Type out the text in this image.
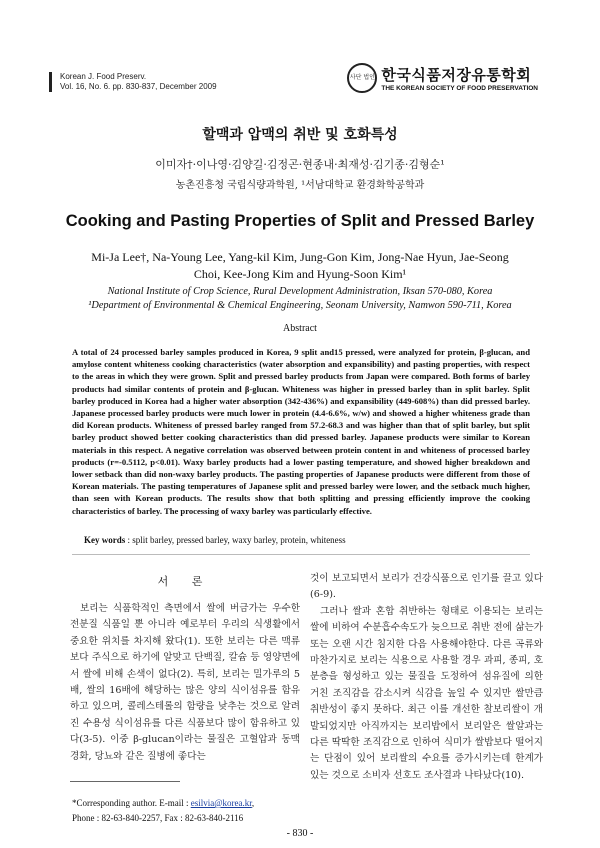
Korean J. Food Preserv.
Vol. 16, No. 6. pp. 830-837, December 2009
사단 법인 한국식품저장유통학회
THE KOREAN SOCIETY OF FOOD PRESERVATION
할맥과 압맥의 취반 및 호화특성
이미자†·이나영·김양길·김정곤·현종내·최재성·김기종·김형순¹
농촌진흥청 국립식량과학원, ¹서남대학교 환경화학공학과
Cooking and Pasting Properties of Split and Pressed Barley
Mi-Ja Lee†, Na-Young Lee, Yang-kil Kim, Jung-Gon Kim, Jong-Nae Hyun, Jae-Seong Choi, Kee-Jong Kim and Hyung-Soon Kim¹
National Institute of Crop Science, Rural Development Administration, Iksan 570-080, Korea
¹Department of Environmental & Chemical Engineering, Seonam University, Namwon 590-711, Korea
Abstract
A total of 24 processed barley samples produced in Korea, 9 split and15 pressed, were analyzed for protein, β-glucan, and amylose content whiteness cooking characteristics (water absorption and expansibility) and pasting properties, with respect to the areas in which they were grown. Split and pressed barley products from Japan were compared. Both forms of barley products had similar contents of protein and β-glucan. Whiteness was higher in pressed barley than in split barley. Split barley produced in Korea had a higher water absorption (342-436%) and expansibility (449-608%) than did pressed barley. Japanese processed barley products were much lower in protein (4.4-6.6%, w/w) and showed a higher whiteness grade than did Korean products. Whiteness of pressed barley ranged from 57.2-68.3 and was higher than that of split barley, but split barley product showed better cooking characteristics than did pressed barley. Japanese products were similar to Korean materials in this respect. A negative correlation was observed between protein content in and whiteness of processed barley products (r=-0.5112, p<0.01). Waxy barley products had a lower pasting temperature, and showed higher breakdown and lower setback than did non-waxy barley products. The pasting properties of Japanese products were different from those of Korean materials. The pasting temperatures of Japanese split and pressed barley were lower, and the setback much higher, than seen with Korean products. The results show that both splitting and pressing efficiently improve the cooking characteristics of barley. The processing of waxy barley was particularly effective.
Key words : split barley, pressed barley, waxy barley, protein, whiteness
서 론
보리는 식품학적인 측면에서 쌀에 버금가는 우수한 전분질 식품일 뿐 아니라 예로부터 우리의 식생활에서 중요한 위치를 차지해 왔다(1). 또한 보리는 다른 맥류보다 주식으로 하기에 알맞고 단백질, 칼슘 등 영양면에서 쌀에 비해 손색이 없다(2). 특히, 보리는 밀가루의 5배, 쌀의 16배에 해당하는 많은 양의 식이섬유를 함유하고 있으며, 콜레스테롤의 함량을 낮추는 것으로 알려진 수용성 식이섬유를 다른 식품보다 많이 함유하고 있다(3-5). 이중 β-glucan이라는 물질은 고혈압과 동맥경화, 당뇨와 같은 질병에 좋다는
것이 보고되면서 보리가 건강식품으로 인기를 끌고 있다(6-9).
그러나 쌀과 혼합 취반하는 형태로 이용되는 보리는 쌀에 비하여 수분흡수속도가 늦으므로 취반 전에 삶는가 또는 오랜 시간 침지한 다음 사용해야한다. 다른 곡류와 마찬가지로 보리는 식용으로 사용할 경우 과피, 종피, 호분층을 형성하고 있는 물질을 도정하여 섬유질에 의한 거친 조직감을 감소시켜 식감을 높일 수 있지만 쌀만큼 취반성이 좋지 못하다. 최근 이를 개선한 찰보리쌀이 개발되었지만 아직까지는 보리밥에서 보리알은 쌀알과는 다른 딱딱한 조직감으로 인하여 식미가 쌀밥보다 떨어지는 단점이 있어 보리쌀의 수요를 증가시키는데 한계가 있는 것으로 소비자 선호도 조사결과 나타났다(10).
*Corresponding author. E-mail : esilvia@korea.kr,
Phone : 82-63-840-2257, Fax : 82-63-840-2116
- 830 -
